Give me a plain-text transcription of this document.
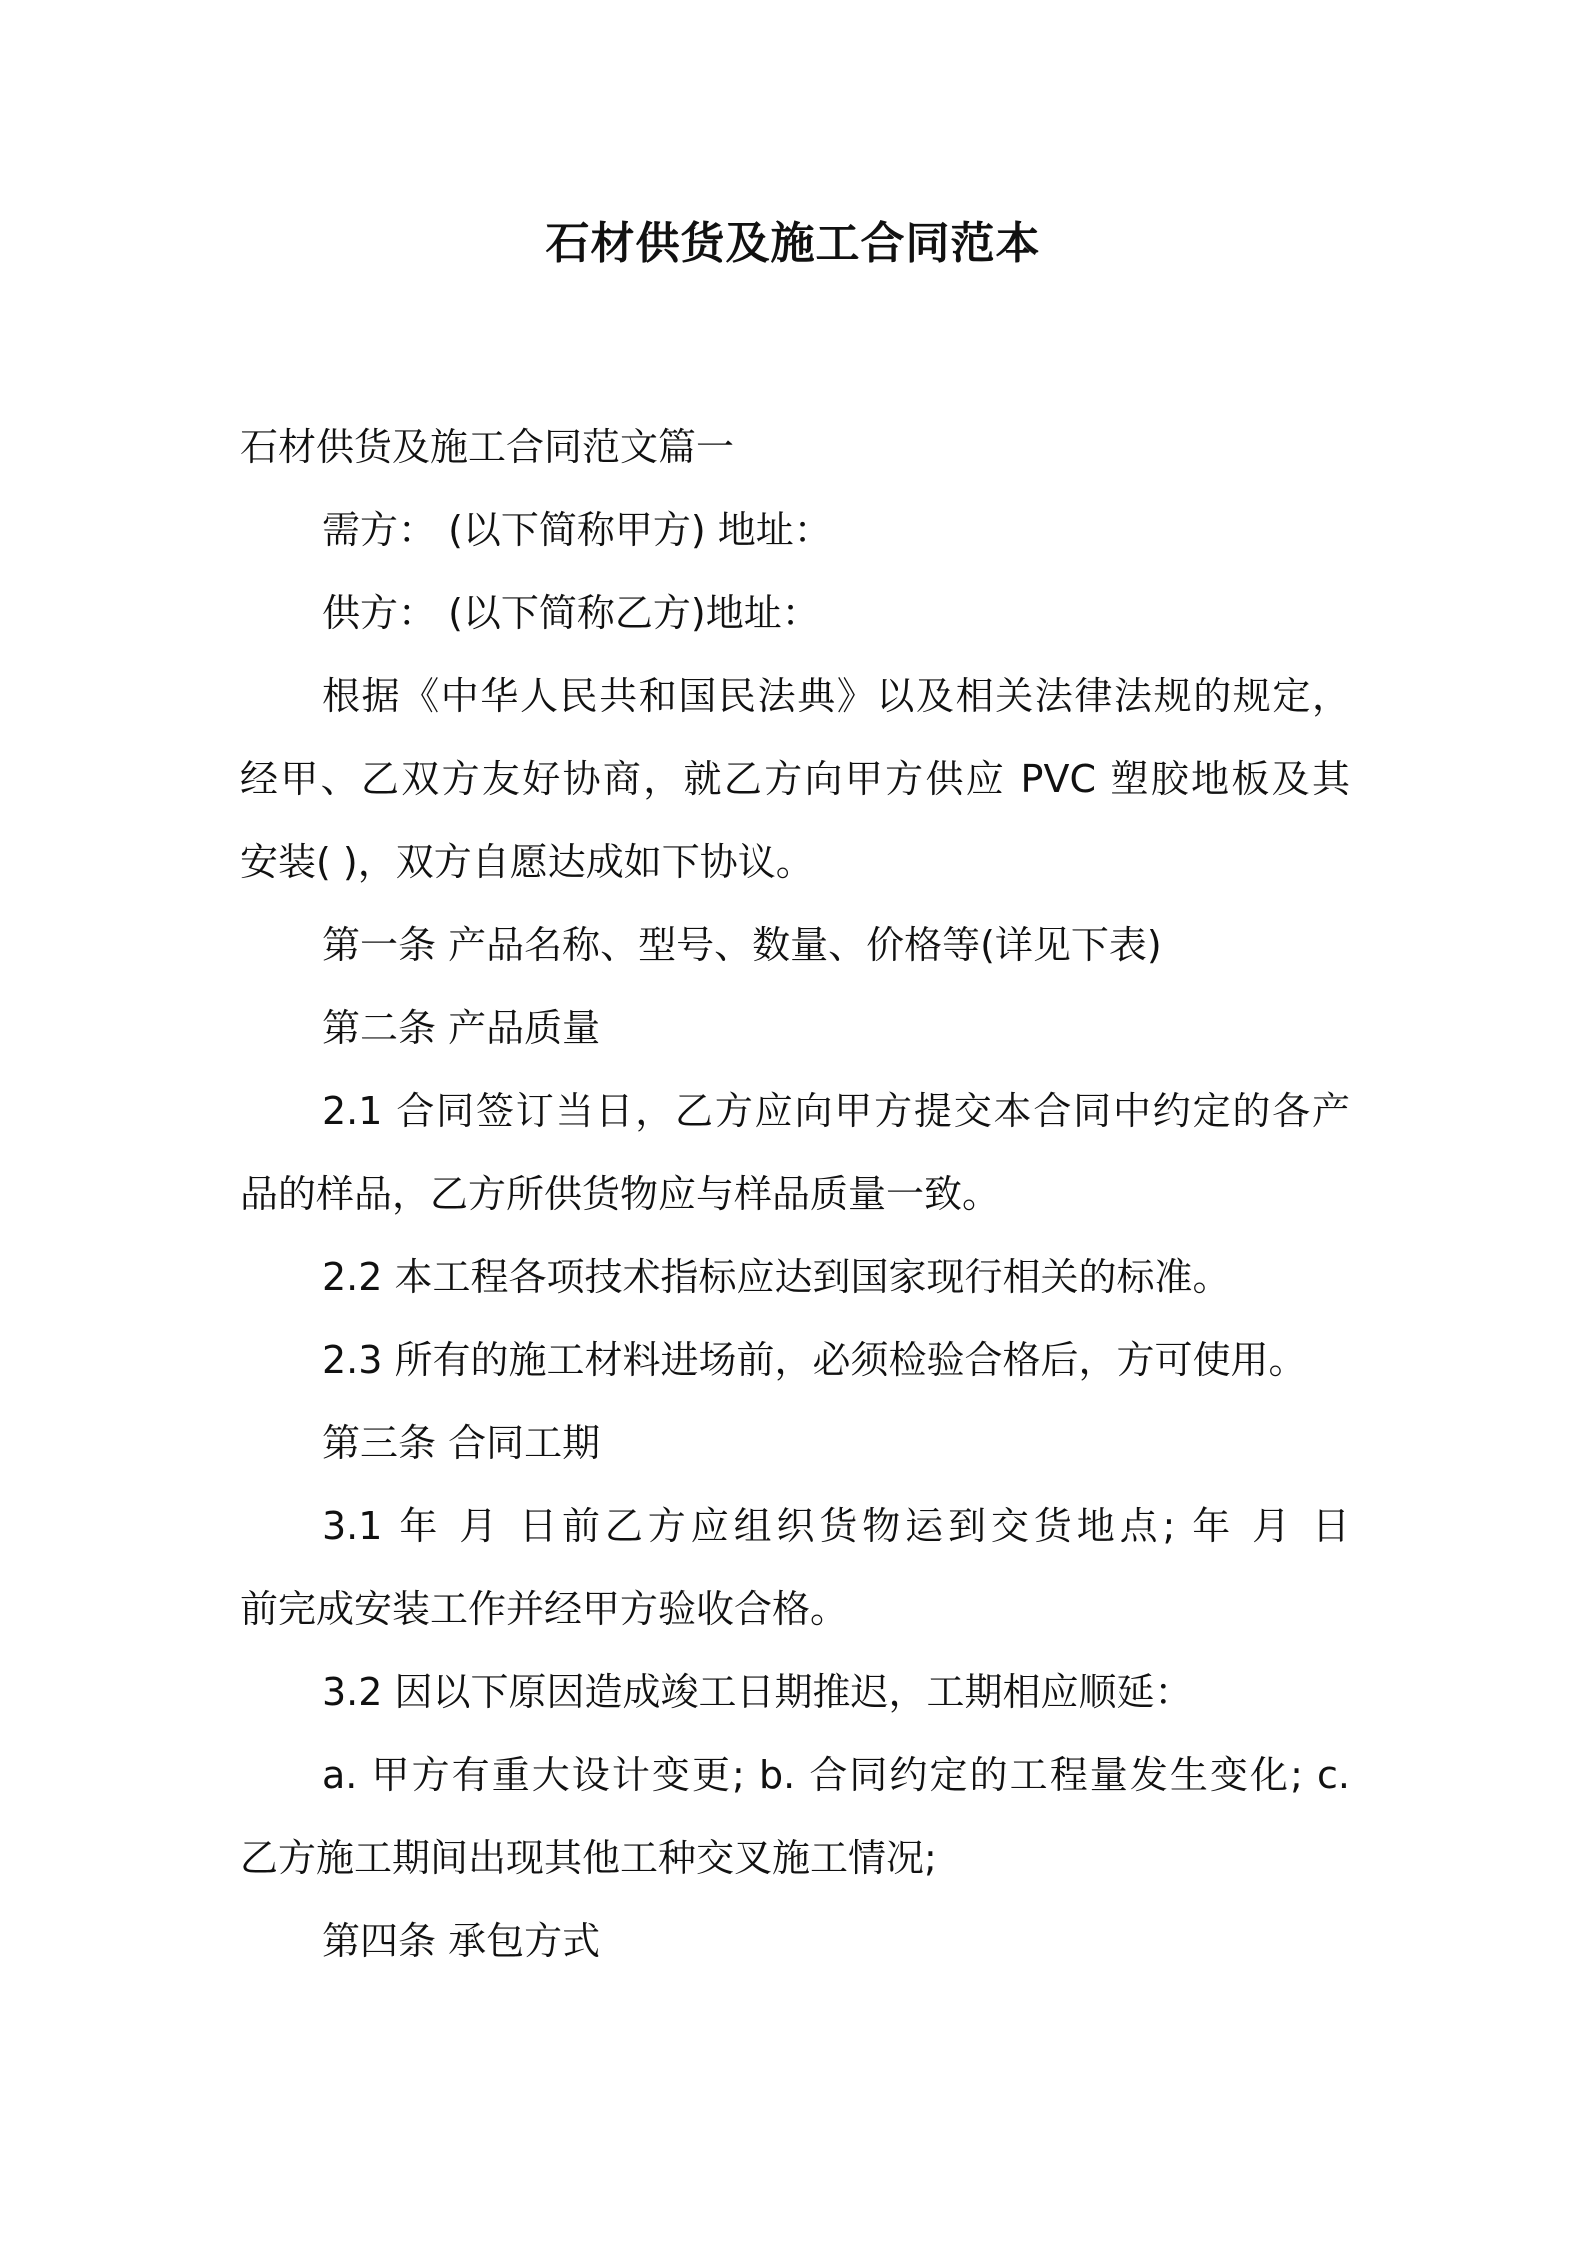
石材供货及施工合同范本
石材供货及施工合同范文篇一
需方： (以下简称甲方) 地址：
供方： (以下简称乙方)地址：
根据《中华人民共和国民法典》以及相关法律法规的规定，
经甲、乙双方友好协商，就乙方向甲方供应 PVC 塑胶地板及其
安装( )，双方自愿达成如下协议。
第一条 产品名称、型号、数量、价格等(详见下表)
第二条 产品质量
2.1 合同签订当日，乙方应向甲方提交本合同中约定的各产
品的样品，乙方所供货物应与样品质量一致。
2.2 本工程各项技术指标应达到国家现行相关的标准。
2.3 所有的施工材料进场前，必须检验合格后，方可使用。
第三条 合同工期
3.1 年 月 日前乙方应组织货物运到交货地点; 年 月 日
前完成安装工作并经甲方验收合格。
3.2 因以下原因造成竣工日期推迟，工期相应顺延：
a. 甲方有重大设计变更; b. 合同约定的工程量发生变化; c.
乙方施工期间出现其他工种交叉施工情况;
第四条 承包方式
